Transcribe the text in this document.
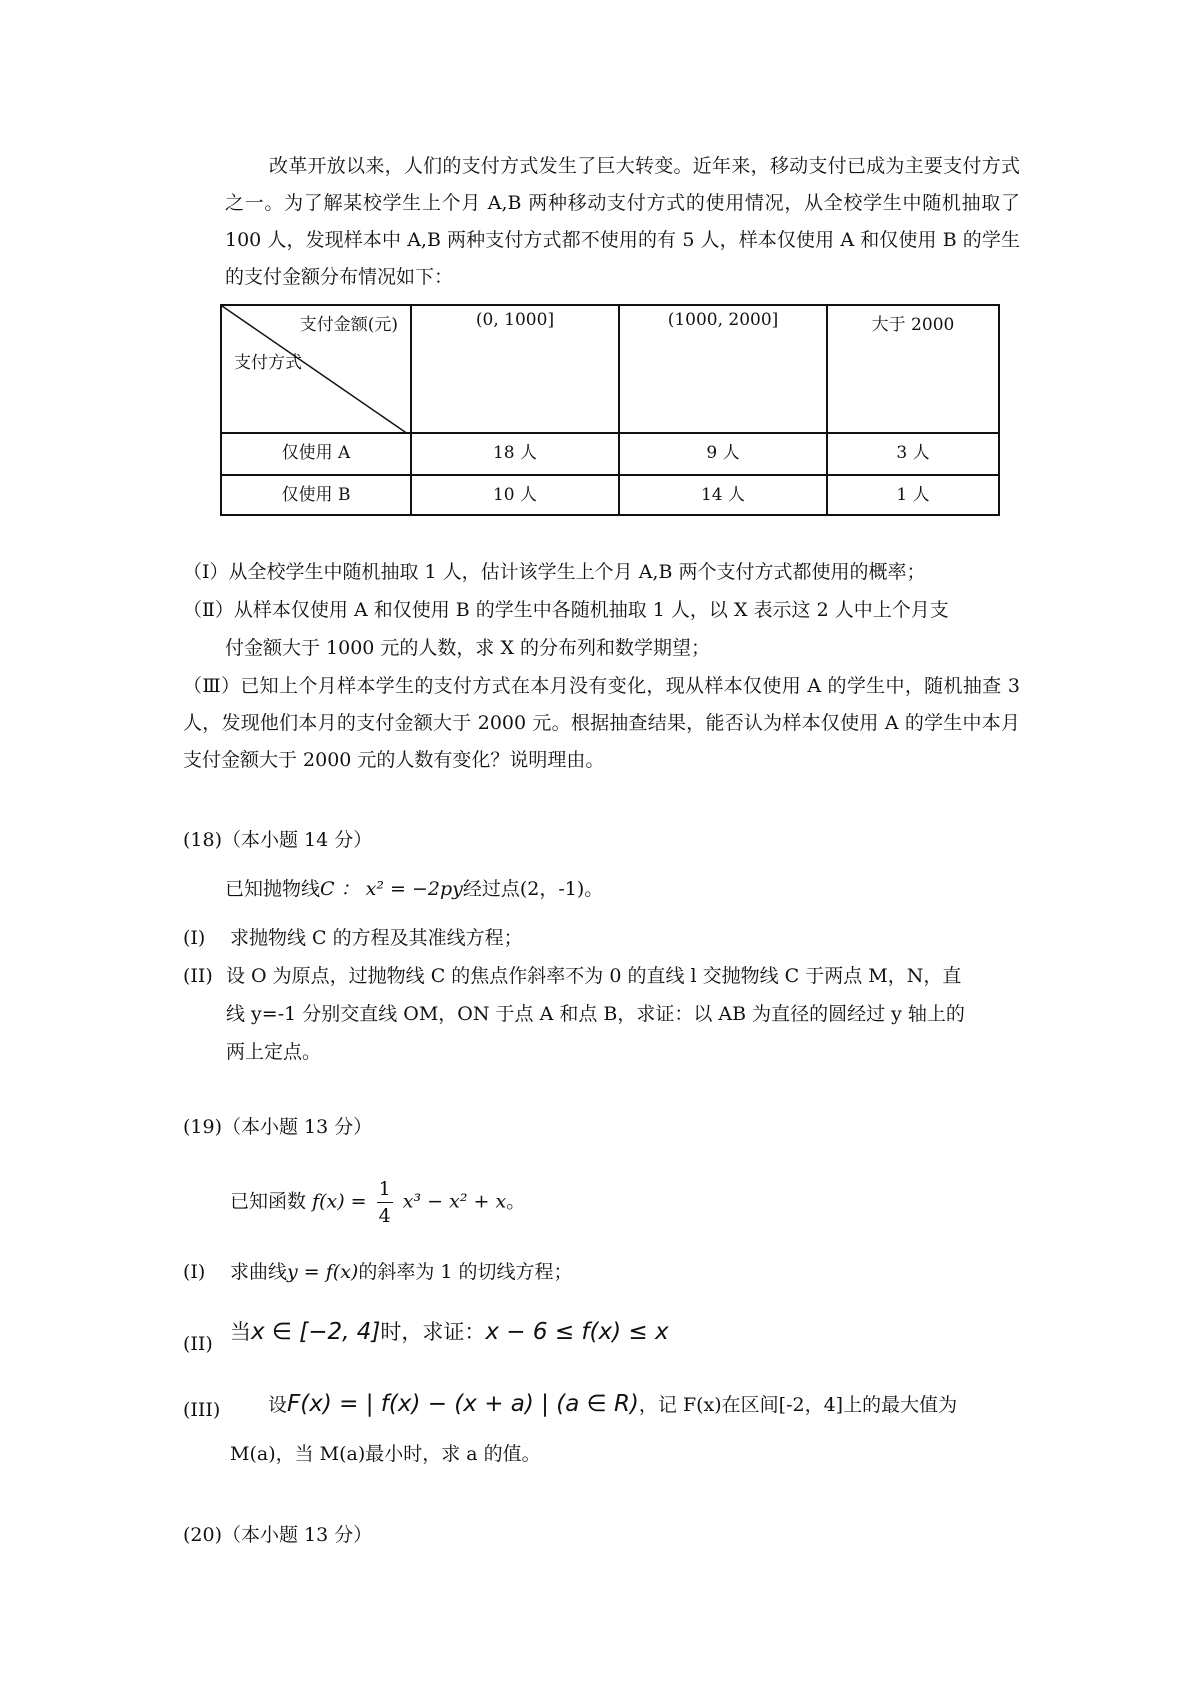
改革开放以来，人们的支付方式发生了巨大转变。近年来，移动支付已成为主要支付方式之一。为了解某校学生上个月 A,B 两种移动支付方式的使用情况，从全校学生中随机抽取了 100 人，发现样本中 A,B 两种支付方式都不使用的有 5 人，样本仅使用 A 和仅使用 B 的学生的支付金额分布情况如下：
支付金额(元)
支付方式	(0, 1000]	(1000, 2000]	大于 2000
仅使用 A	18 人	9 人	3 人
仅使用 B	10 人	14 人	1 人
（Ⅰ）从全校学生中随机抽取 1 人，估计该学生上个月 A,B 两个支付方式都使用的概率；
（Ⅱ）从样本仅使用 A 和仅使用 B 的学生中各随机抽取 1 人，以 X 表示这 2 人中上个月支
付金额大于 1000 元的人数，求 X 的分布列和数学期望；
（Ⅲ）已知上个月样本学生的支付方式在本月没有变化，现从样本仅使用 A 的学生中，随机抽查 3 人，发现他们本月的支付金额大于 2000 元。根据抽查结果，能否认为样本仅使用 A 的学生中本月支付金额大于 2000 元的人数有变化？说明理由。
(18)（本小题 14 分）
已知抛物线C ： x² = −2py经过点(2，-1)。
(I) 求抛物线 C 的方程及其准线方程；
(II) 设 O 为原点，过抛物线 C 的焦点作斜率不为 0 的直线 l 交抛物线 C 于两点 M，N，直
线 y=-1 分别交直线 OM，ON 于点 A 和点 B，求证：以 AB 为直径的圆经过 y 轴上的
两上定点。
(19)（本小题 13 分）
已知函数 $f(x) = \frac{1}{4} x^3 - x^2 + x$。
(I) 求曲线y = f(x)的斜率为 1 的切线方程；
(II) 当x ∈ [−2, 4]时，求证：x − 6 ≤ f(x) ≤ x
(III)	设F(x) = | f(x) − (x + a) | (a ∈ R)，记 F(x)在区间[-2，4]上的最大值为
M(a)，当 M(a)最小时，求 a 的值。
(20)（本小题 13 分）
